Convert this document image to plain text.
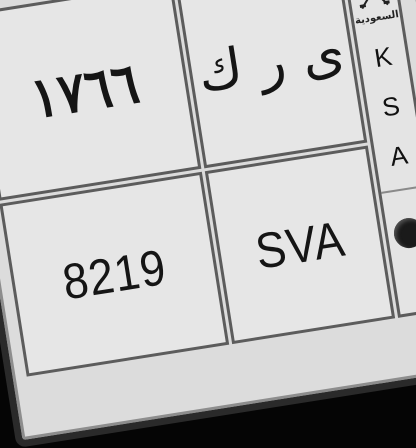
١٧٦٦ ى ر ك
8219 SVA
السعودية
K
S
A
